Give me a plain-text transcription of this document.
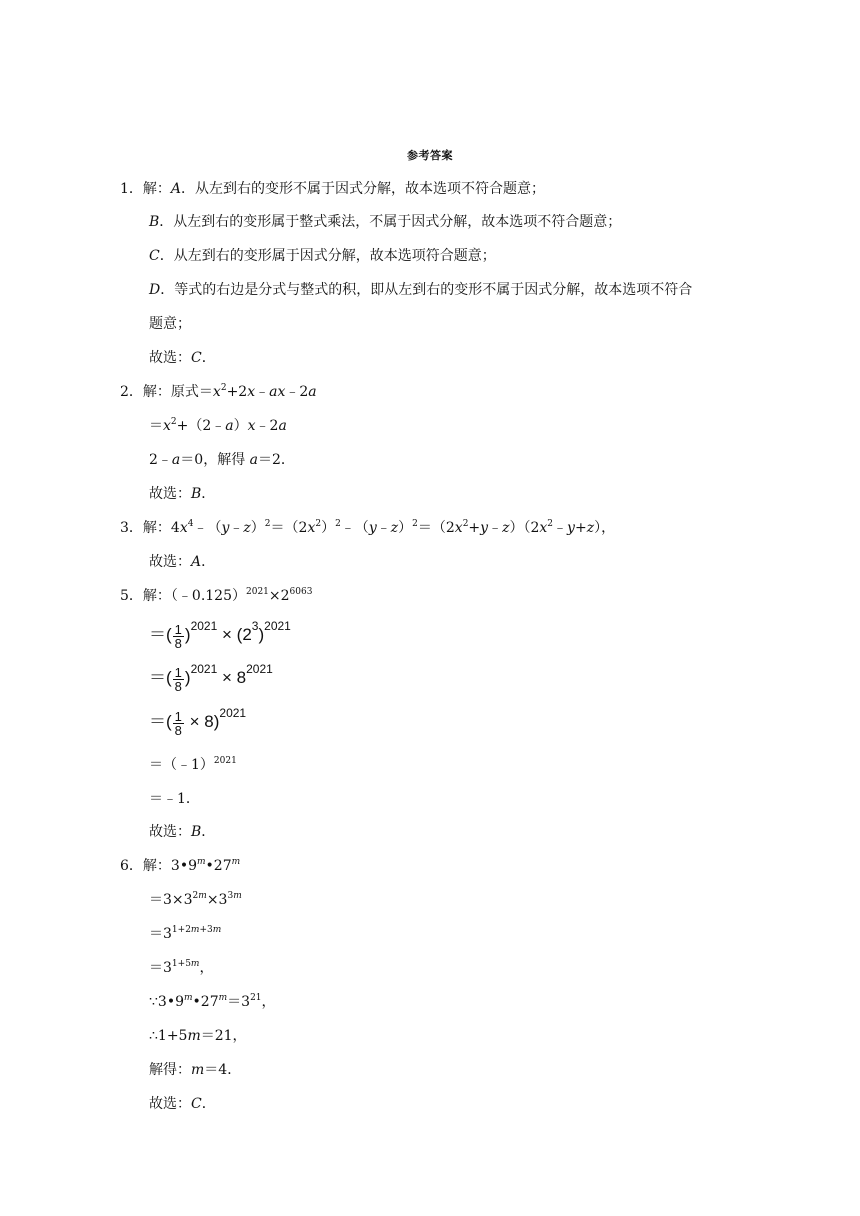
参考答案
1．解：A．从左到右的变形不属于因式分解，故本选项不符合题意；
B．从左到右的变形属于整式乘法，不属于因式分解，故本选项不符合题意；
C．从左到右的变形属于因式分解，故本选项符合题意；
D．等式的右边是分式与整式的积，即从左到右的变形不属于因式分解，故本选项不符合
题意；
故选：C．
2．解：原式$=x^2+2x﹣ax﹣2a$
$=x^2+(2﹣a)x﹣2a$
2﹣a＝0，解得 a＝2．
故选：B．
3．解：$4x^4﹣(y﹣z)^2=(2x^2)^2﹣(y﹣z)^2=(2x^2+y﹣z)(2x^2﹣y+z)$，
故选：A．
5．解：$(﹣0.125)^{2021}\times 2^{6063}$
＝( $\frac{1}{8} )2021 \times (23)2021$
＝( $\frac{1}{8} )2021 \times 82021$
＝( $\frac{1}{8} \times 8)2021$
＝（﹣1）$^{2021}$
＝﹣1．
故选：B．
6．解：$3•9^m•27^m$
$=3\times 3^{2m}\times 3^{3m}$
$=3^{1+2m+3m}$
$=3^{1+5m}$，
$\because 3•9^m•27^m=3^{21}$，
∴1+5m＝21，
解得：m＝4．
故选：C．
